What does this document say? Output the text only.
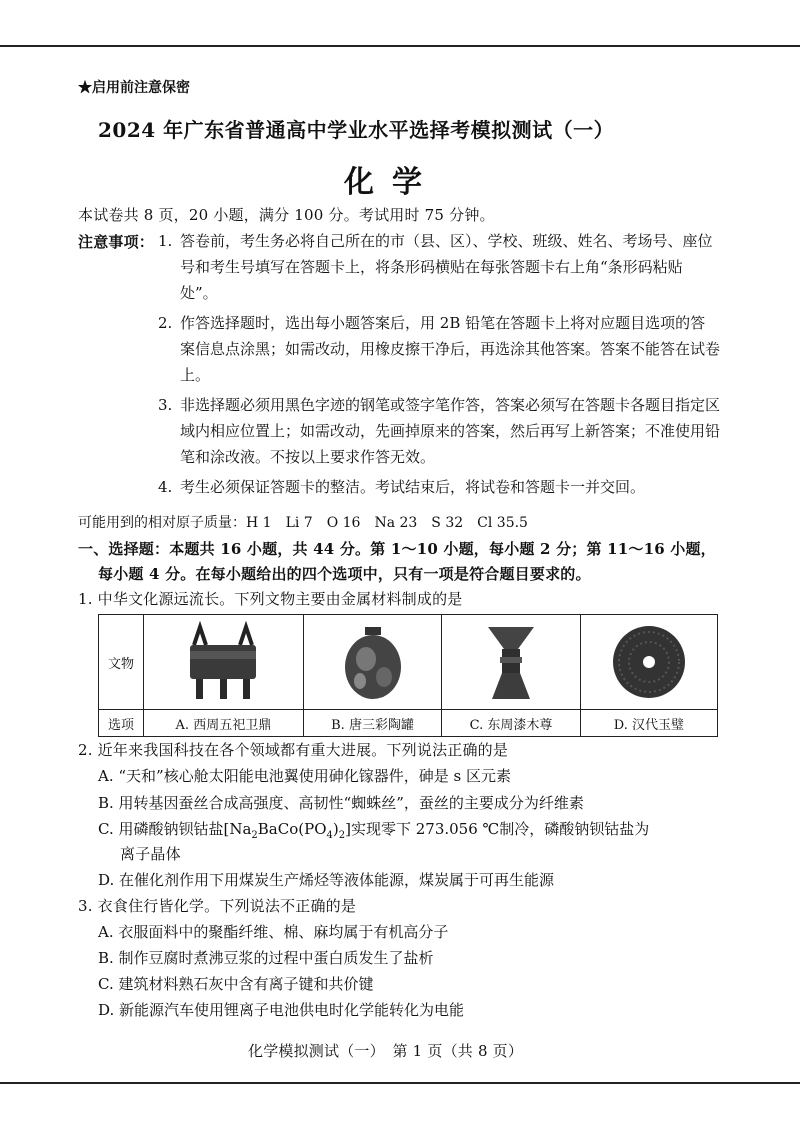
★启用前注意保密
2024 年广东省普通高中学业水平选择考模拟测试（一）
化学
本试卷共 8 页，20 小题，满分 100 分。考试用时 75 分钟。
注意事项： 1. 答卷前，考生务必将自己所在的市（县、区）、学校、班级、姓名、考场号、座位号和考生号填写在答题卡上，将条形码横贴在每张答题卡右上角“条形码粘贴处”。
2. 作答选择题时，选出每小题答案后，用 2B 铅笔在答题卡上将对应题目选项的答案信息点涂黑；如需改动，用橡皮擦干净后，再选涂其他答案。答案不能答在试卷上。
3. 非选择题必须用黑色字迹的钢笔或签字笔作答，答案必须写在答题卡各题目指定区域内相应位置上；如需改动，先画掉原来的答案，然后再写上新答案；不准使用铅笔和涂改液。不按以上要求作答无效。
4. 考生必须保证答题卡的整洁。考试结束后，将试卷和答题卡一并交回。
可能用到的相对原子质量：H 1　Li 7　O 16　Na 23　S 32　Cl 35.5
一、选择题：本题共 16 小题，共 44 分。第 1～10 小题，每小题 2 分；第 11～16 小题，
每小题 4 分。在每小题给出的四个选项中，只有一项是符合题目要求的。
1. 中华文化源远流长。下列文物主要由金属材料制成的是
文物	

选项	A. 西周五祀卫鼎	B. 唐三彩陶罐	C. 东周漆木尊	D. 汉代玉璧
2. 近年来我国科技在各个领域都有重大进展。下列说法正确的是
A. “天和”核心舱太阳能电池翼使用砷化镓器件，砷是 s 区元素
B. 用转基因蚕丝合成高强度、高韧性“蜘蛛丝”，蚕丝的主要成分为纤维素
C. 用磷酸钠钡钴盐$[Na_2BaCo(PO_4)_2]$实现零下 273.056 ℃制冷，磷酸钠钡钴盐为
离子晶体
D. 在催化剂作用下用煤炭生产烯烃等液体能源，煤炭属于可再生能源
3. 衣食住行皆化学。下列说法不正确的是
A. 衣服面料中的聚酯纤维、棉、麻均属于有机高分子
B. 制作豆腐时煮沸豆浆的过程中蛋白质发生了盐析
C. 建筑材料熟石灰中含有离子键和共价键
D. 新能源汽车使用锂离子电池供电时化学能转化为电能
化学模拟测试（一）　第 1 页（共 8 页）
